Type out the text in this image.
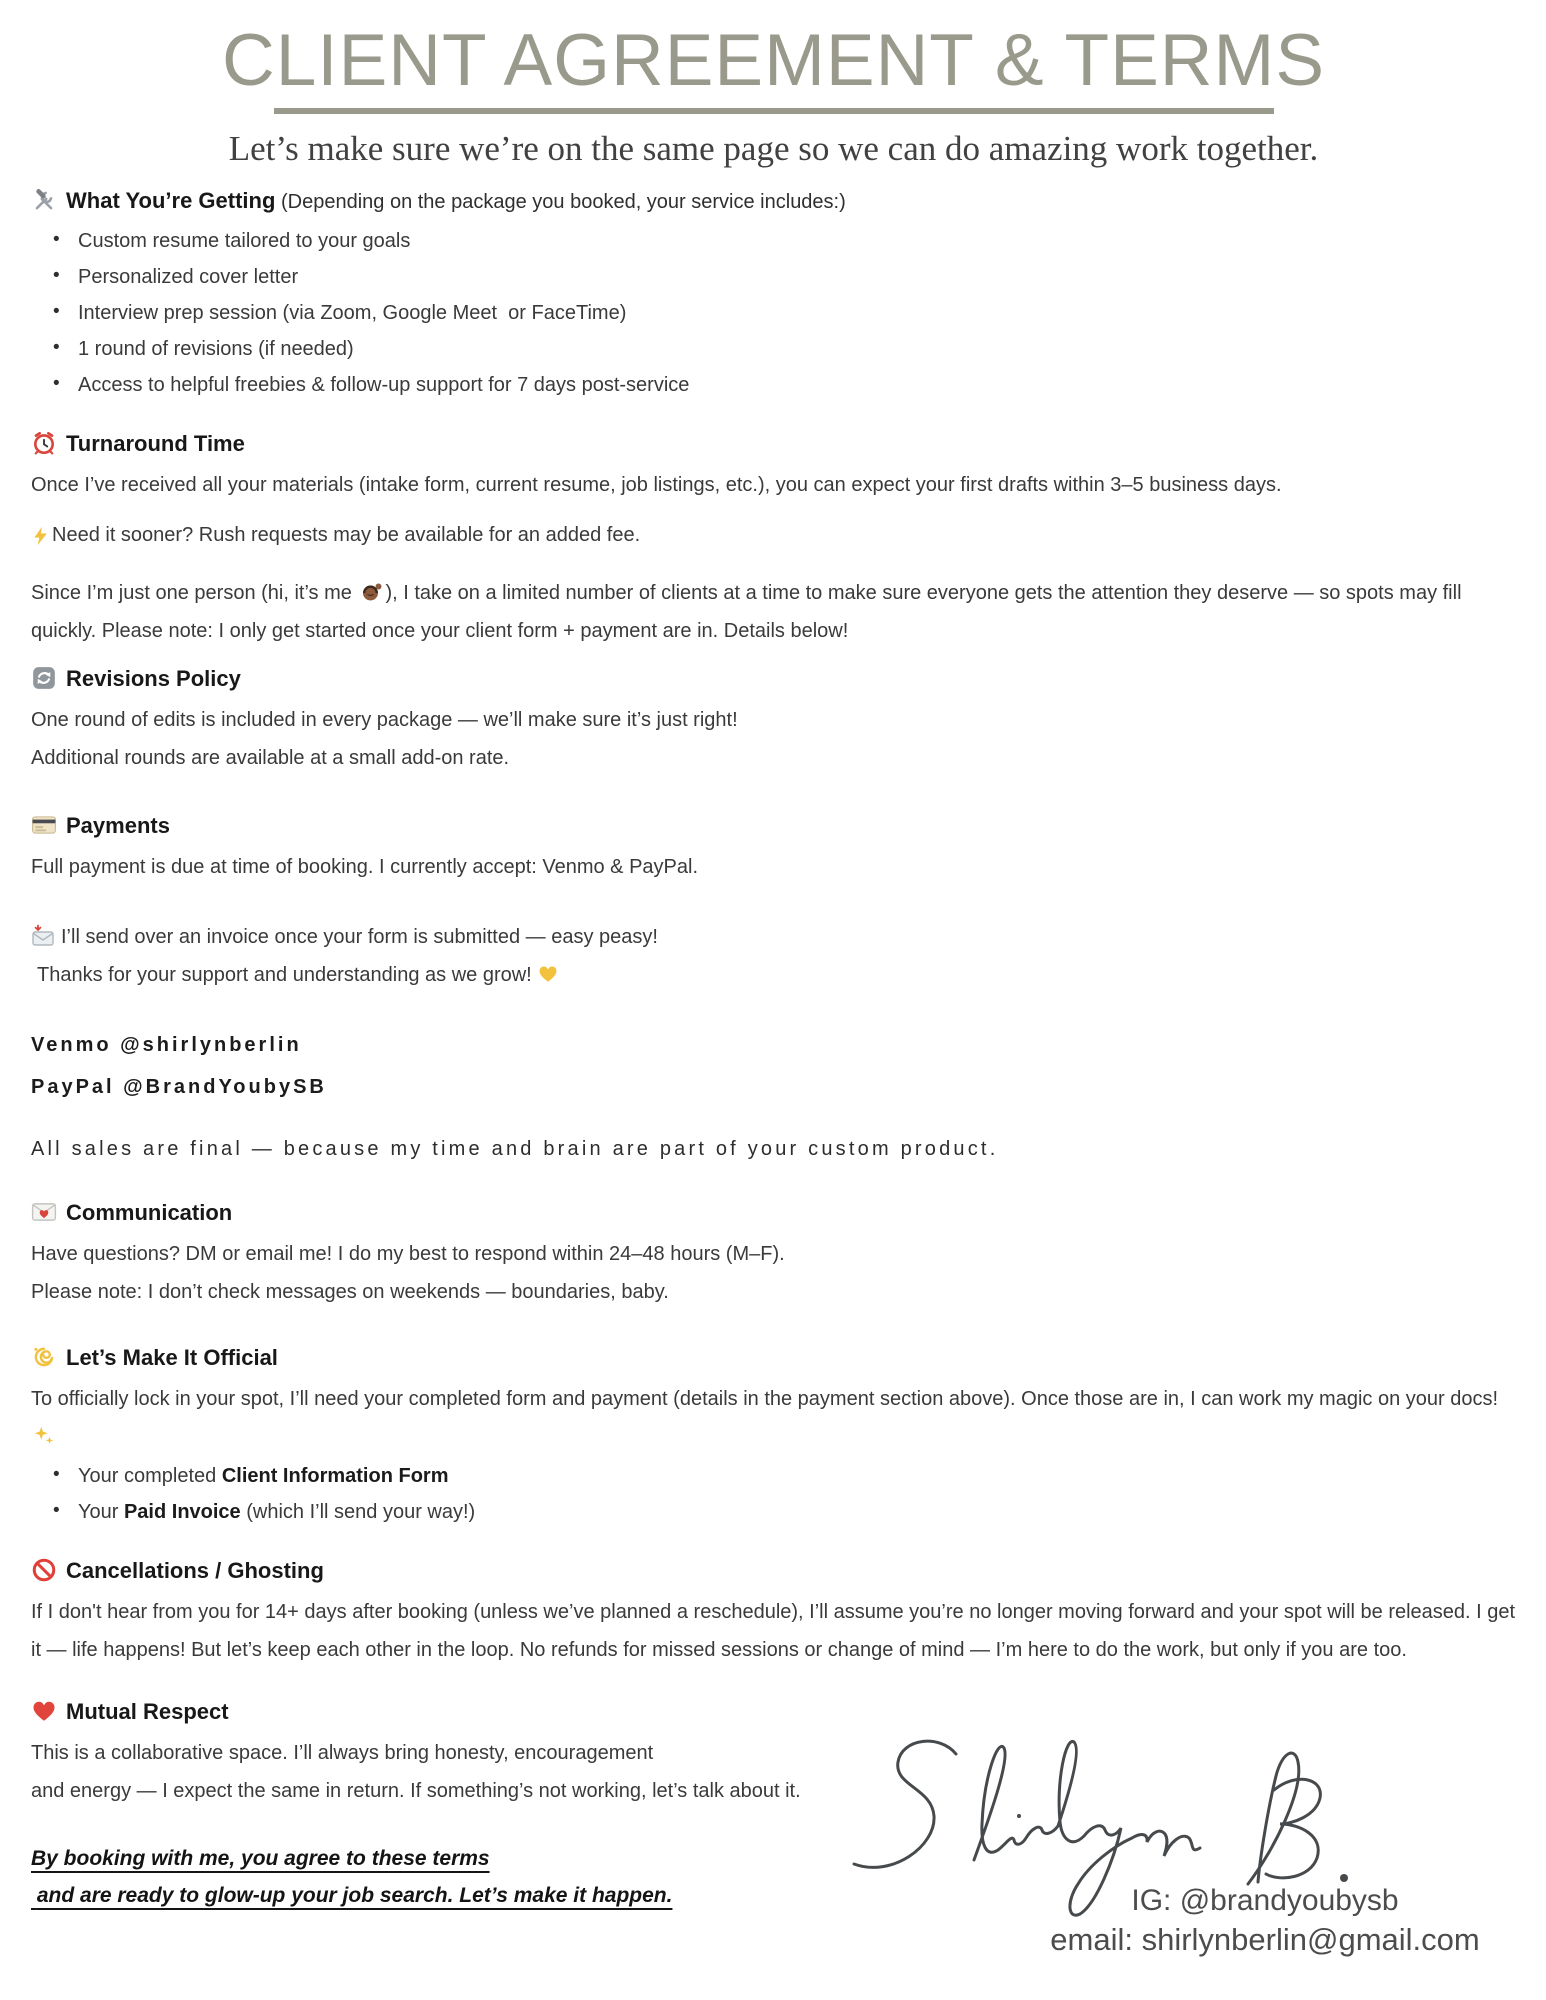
CLIENT AGREEMENT & TERMS

Let’s make sure we’re on the same page so we can do amazing work together.

What You’re Getting (Depending on the package you booked, your service includes:)

• Custom resume tailored to your goals
• Personalized cover letter
• Interview prep session (via Zoom, Google Meet  or FaceTime)
• 1 round of revisions (if needed)
• Access to helpful freebies & follow-up support for 7 days post-service

Turnaround Time

Once I’ve received all your materials (intake form, current resume, job listings, etc.), you can expect your first drafts within 3–5 business days.

Need it sooner? Rush requests may be available for an added fee.

Since I’m just one person (hi, it’s me ), I take on a limited number of clients at a time to make sure everyone gets the attention they deserve — so spots may fill quickly. Please note: I only get started once your client form + payment are in. Details below!

Revisions Policy

One round of edits is included in every package — we’ll make sure it’s just right!

Additional rounds are available at a small add-on rate.

Payments

Full payment is due at time of booking. I currently accept: Venmo & PayPal.

I’ll send over an invoice once your form is submitted — easy peasy!

Thanks for your support and understanding as we grow!

Venmo @shirlynberlin
PayPal @BrandYoubySB

All sales are final — because my time and brain are part of your custom product.

Communication

Have questions? DM or email me! I do my best to respond within 24–48 hours (M–F).

Please note: I don’t check messages on weekends — boundaries, baby.

Let’s Make It Official

To officially lock in your spot, I’ll need your completed form and payment (details in the payment section above). Once those are in, I can work my magic on your docs!

• Your completed Client Information Form
• Your Paid Invoice (which I’ll send your way!)

Cancellations / Ghosting

If I don't hear from you for 14+ days after booking (unless we’ve planned a reschedule), I’ll assume you’re no longer moving forward and your spot will be released. I get it — life happens! But let’s keep each other in the loop. No refunds for missed sessions or change of mind — I’m here to do the work, but only if you are too.

Mutual Respect

This is a collaborative space. I’ll always bring honesty, encouragement

and energy — I expect the same in return. If something’s not working, let’s talk about it.

By booking with me, you agree to these terms
and are ready to glow-up your job search. Let’s make it happen.	IG: @brandyoubysb
email: shirlynberlin@gmail.com
